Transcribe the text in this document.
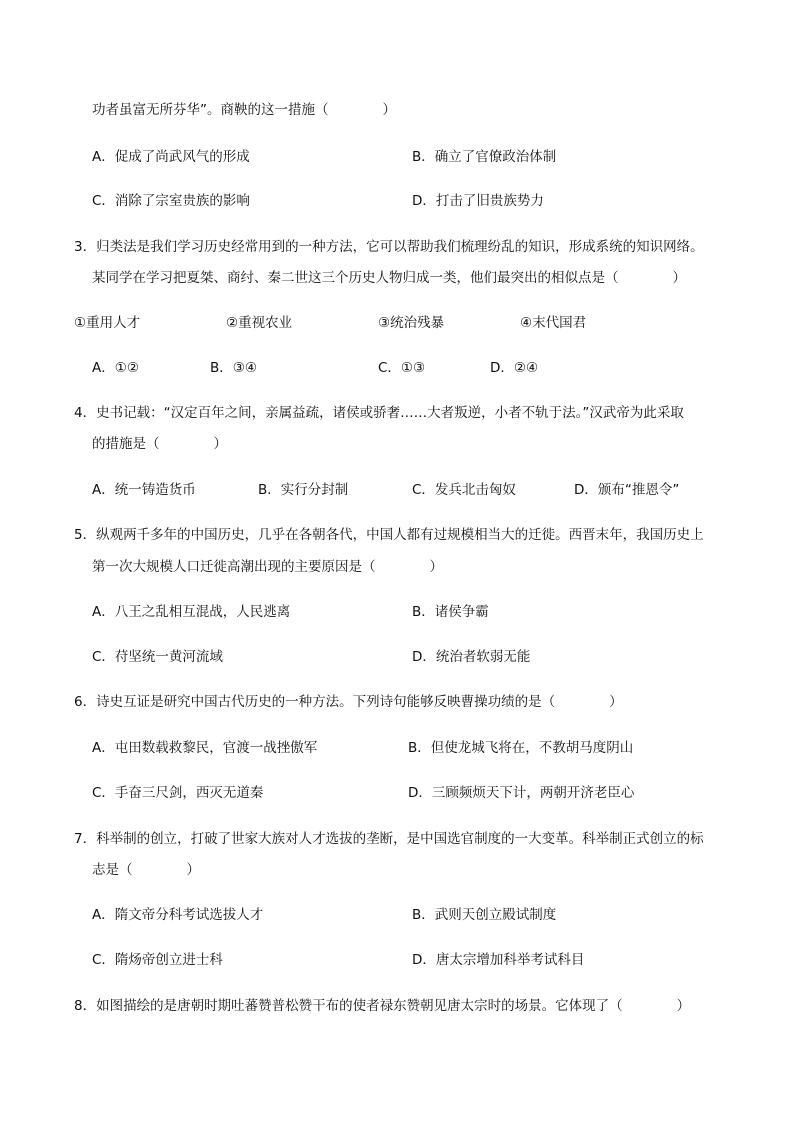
功者虽富无所芬华”。商鞅的这一措施（　　　　）
A．促成了尚武风气的形成	B．确立了官僚政治体制
C．消除了宗室贵族的影响	D．打击了旧贵族势力
3．归类法是我们学习历史经常用到的一种方法，它可以帮助我们梳理纷乱的知识，形成系统的知识网络。
某同学在学习把夏桀、商纣、秦二世这三个历史人物归成一类，他们最突出的相似点是（　　　　）
①重用人才	②重视农业	③统治残暴	④末代国君
A．①②	B．③④	C．①③	D．②④
4．史书记载：“汉定百年之间，亲属益疏，诸侯或骄奢……大者叛逆，小者不轨于法。”汉武帝为此采取
的措施是（　　　　）
A．统一铸造货币	B．实行分封制	C．发兵北击匈奴	D．颁布“推恩令”
5．纵观两千多年的中国历史，几乎在各朝各代，中国人都有过规模相当大的迁徙。西晋末年，我国历史上
第一次大规模人口迁徙高潮出现的主要原因是（　　　　）
A．八王之乱相互混战，人民逃离	B．诸侯争霸
C．苻坚统一黄河流域	D．统治者软弱无能
6．诗史互证是研究中国古代历史的一种方法。下列诗句能够反映曹操功绩的是（　　　　）
A．屯田数载救黎民，官渡一战挫傲军	B．但使龙城飞将在，不教胡马度阴山
C．手奋三尺剑，西灭无道秦	D．三顾频烦天下计，两朝开济老臣心
7．科举制的创立，打破了世家大族对人才选拔的垄断，是中国选官制度的一大变革。科举制正式创立的标
志是（　　　　）
A．隋文帝分科考试选拔人才	B．武则天创立殿试制度
C．隋炀帝创立进士科	D．唐太宗增加科举考试科目
8．如图描绘的是唐朝时期吐蕃赞普松赞干布的使者禄东赞朝见唐太宗时的场景。它体现了（　　　　）
